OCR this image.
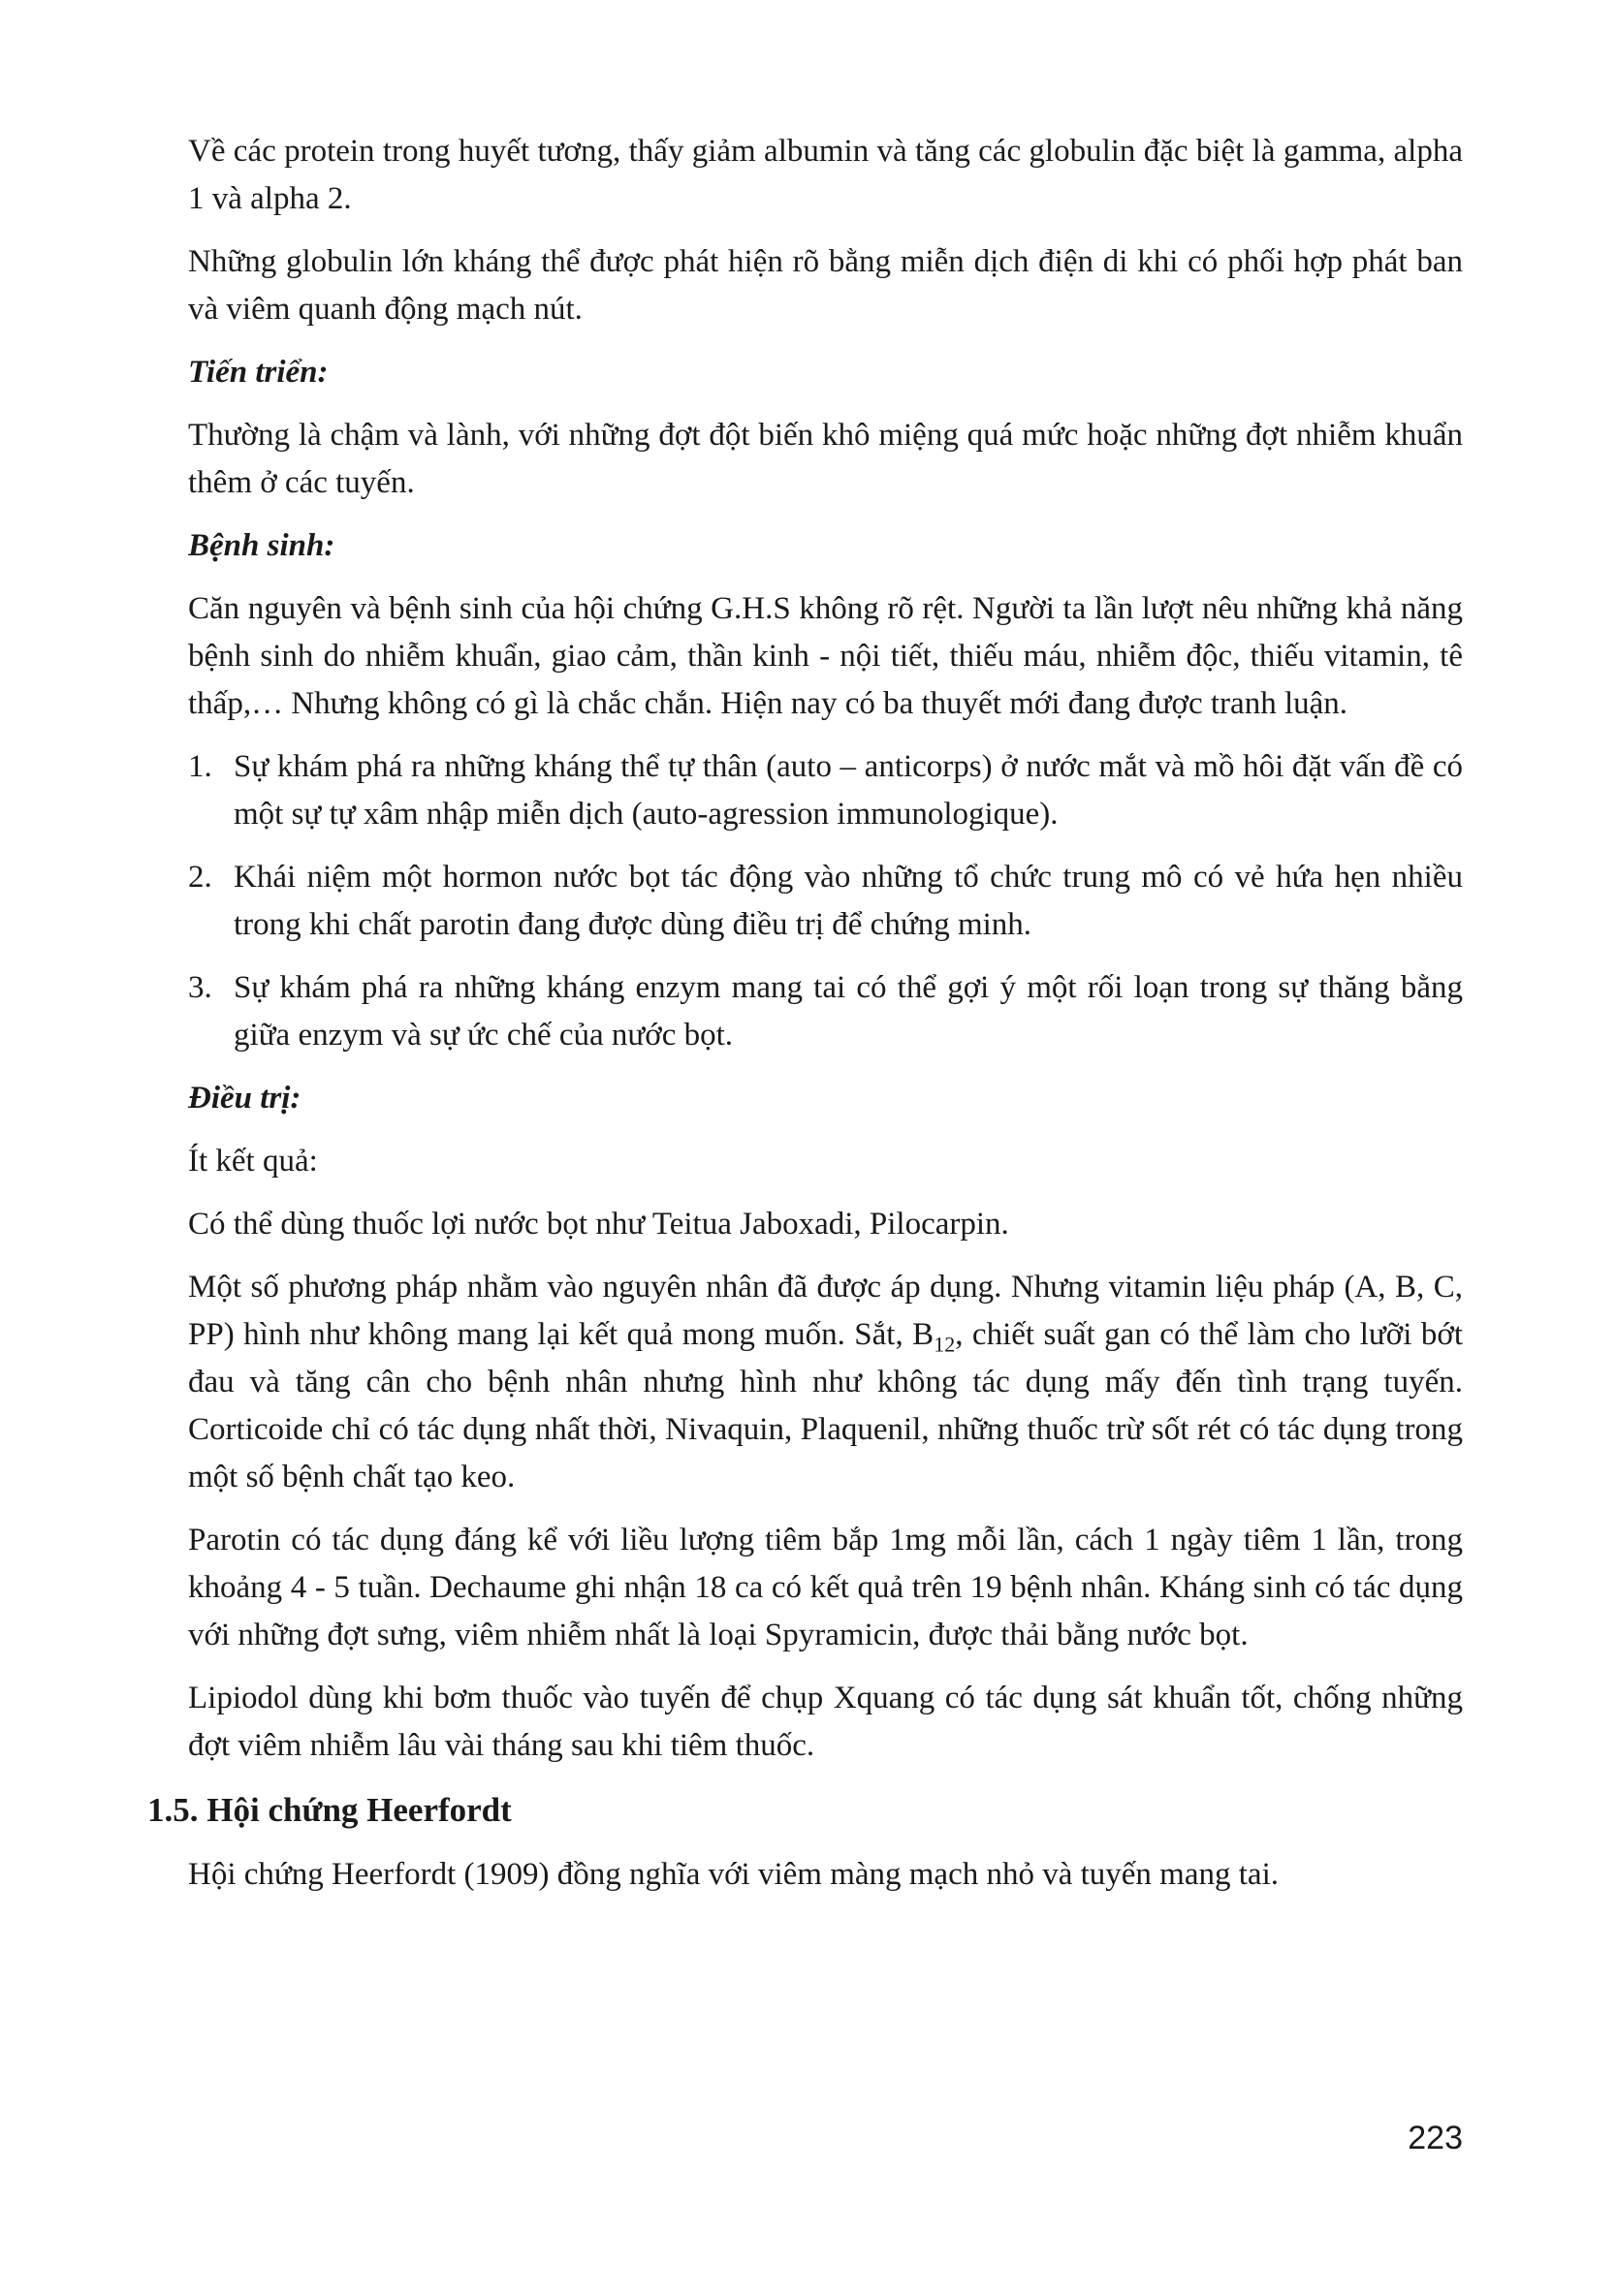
Về các protein trong huyết tương, thấy giảm albumin và tăng các globulin đặc biệt là gamma, alpha 1 và alpha 2.

Những globulin lớn kháng thể được phát hiện rõ bằng miễn dịch điện di khi có phối hợp phát ban và viêm quanh động mạch nút.

Tiến triển:

Thường là chậm và lành, với những đợt đột biến khô miệng quá mức hoặc những đợt nhiễm khuẩn thêm ở các tuyến.

Bệnh sinh:

Căn nguyên và bệnh sinh của hội chứng G.H.S không rõ rệt. Người ta lần lượt nêu những khả năng bệnh sinh do nhiễm khuẩn, giao cảm, thần kinh - nội tiết, thiếu máu, nhiễm độc, thiếu vitamin, tê thấp,… Nhưng không có gì là chắc chắn. Hiện nay có ba thuyết mới đang được tranh luận.

1. Sự khám phá ra những kháng thể tự thân (auto – anticorps) ở nước mắt và mồ hôi đặt vấn đề có một sự tự xâm nhập miễn dịch (auto-agression immunologique).

2. Khái niệm một hormon nước bọt tác động vào những tổ chức trung mô có vẻ hứa hẹn nhiều trong khi chất parotin đang được dùng điều trị để chứng minh.

3. Sự khám phá ra những kháng enzym mang tai có thể gợi ý một rối loạn trong sự thăng bằng giữa enzym và sự ức chế của nước bọt.

Điều trị:

Ít kết quả:

Có thể dùng thuốc lợi nước bọt như Teitua Jaboxadi, Pilocarpin.

Một số phương pháp nhằm vào nguyên nhân đã được áp dụng. Nhưng vitamin liệu pháp (A, B, C, PP) hình như không mang lại kết quả mong muốn. Sắt, $B_{12}$, chiết suất gan có thể làm cho lưỡi bớt đau và tăng cân cho bệnh nhân nhưng hình như không tác dụng mấy đến tình trạng tuyến. Corticoide chỉ có tác dụng nhất thời, Nivaquin, Plaquenil, những thuốc trừ sốt rét có tác dụng trong một số bệnh chất tạo keo.

Parotin có tác dụng đáng kể với liều lượng tiêm bắp 1mg mỗi lần, cách 1 ngày tiêm 1 lần, trong khoảng 4 - 5 tuần. Dechaume ghi nhận 18 ca có kết quả trên 19 bệnh nhân. Kháng sinh có tác dụng với những đợt sưng, viêm nhiễm nhất là loại Spyramicin, được thải bằng nước bọt.

Lipiodol dùng khi bơm thuốc vào tuyến để chụp Xquang có tác dụng sát khuẩn tốt, chống những đợt viêm nhiễm lâu vài tháng sau khi tiêm thuốc.

1.5. Hội chứng Heerfordt

Hội chứng Heerfordt (1909) đồng nghĩa với viêm màng mạch nhỏ và tuyến mang tai.

223
